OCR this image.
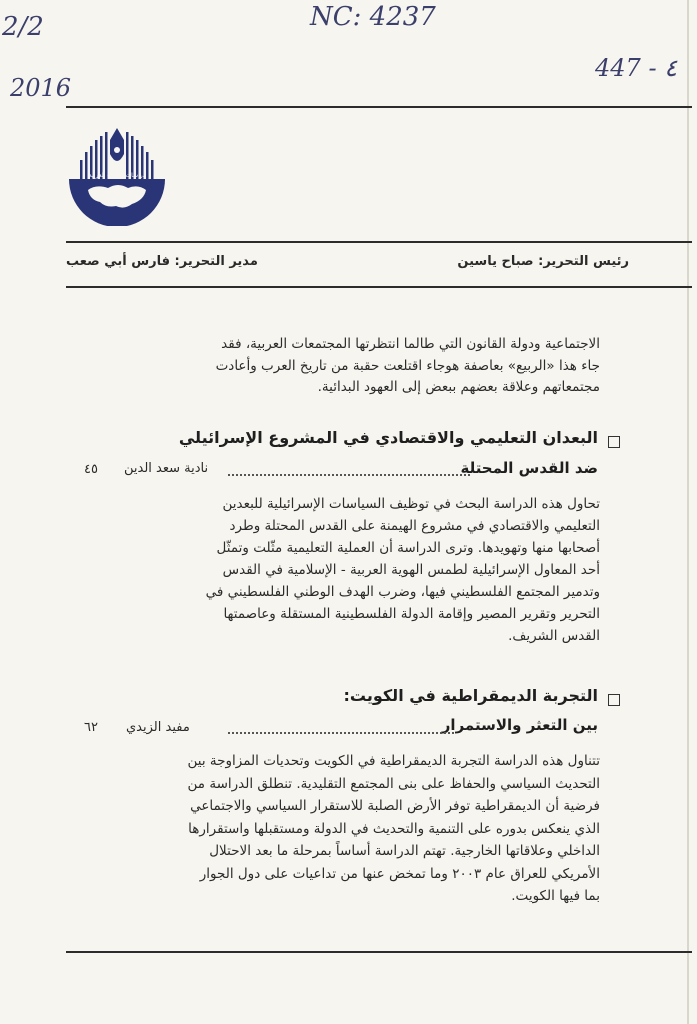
2/2
2016
NC: 4237
447 - ٤
دراسات الوحدة العربية
رئيس التحرير: صباح ياسين
مدير التحرير: فارس أبي صعب
الاجتماعية ودولة القانون التي طالما انتظرتها المجتمعات العربية، فقد
جاء هذا «الربيع» بعاصفة هوجاء اقتلعت حقبة من تاريخ العرب وأعادت
مجتمعاتهم وعلاقة بعضهم ببعض إلى العهود البدائية.
البعدان التعليمي والاقتصادي في المشروع الإسرائيلي
ضد القدس المحتلة
نادية سعد الدين
٤٥
تحاول هذه الدراسة البحث في توظيف السياسات الإسرائيلية للبعدين
التعليمي والاقتصادي في مشروع الهيمنة على القدس المحتلة وطرد
أصحابها منها وتهويدها. وترى الدراسة أن العملية التعليمية مثّلت وتمثّل
أحد المعاول الإسرائيلية لطمس الهوية العربية - الإسلامية في القدس
وتدمير المجتمع الفلسطيني فيها، وضرب الهدف الوطني الفلسطيني في
التحرير وتقرير المصير وإقامة الدولة الفلسطينية المستقلة وعاصمتها
القدس الشريف.
التجربة الديمقراطية في الكويت:
بين التعثر والاستمرار
مفيد الزيدي
٦٢
تتناول هذه الدراسة التجربة الديمقراطية في الكويت وتحديات المزاوجة بين
التحديث السياسي والحفاظ على بنى المجتمع التقليدية. تنطلق الدراسة من
فرضية أن الديمقراطية توفر الأرض الصلبة للاستقرار السياسي والاجتماعي
الذي ينعكس بدوره على التنمية والتحديث في الدولة ومستقبلها واستقرارها
الداخلي وعلاقاتها الخارجية. تهتم الدراسة أساساً بمرحلة ما بعد الاحتلال
الأمريكي للعراق عام ٢٠٠٣ وما تمخض عنها من تداعيات على دول الجوار
بما فيها الكويت.
